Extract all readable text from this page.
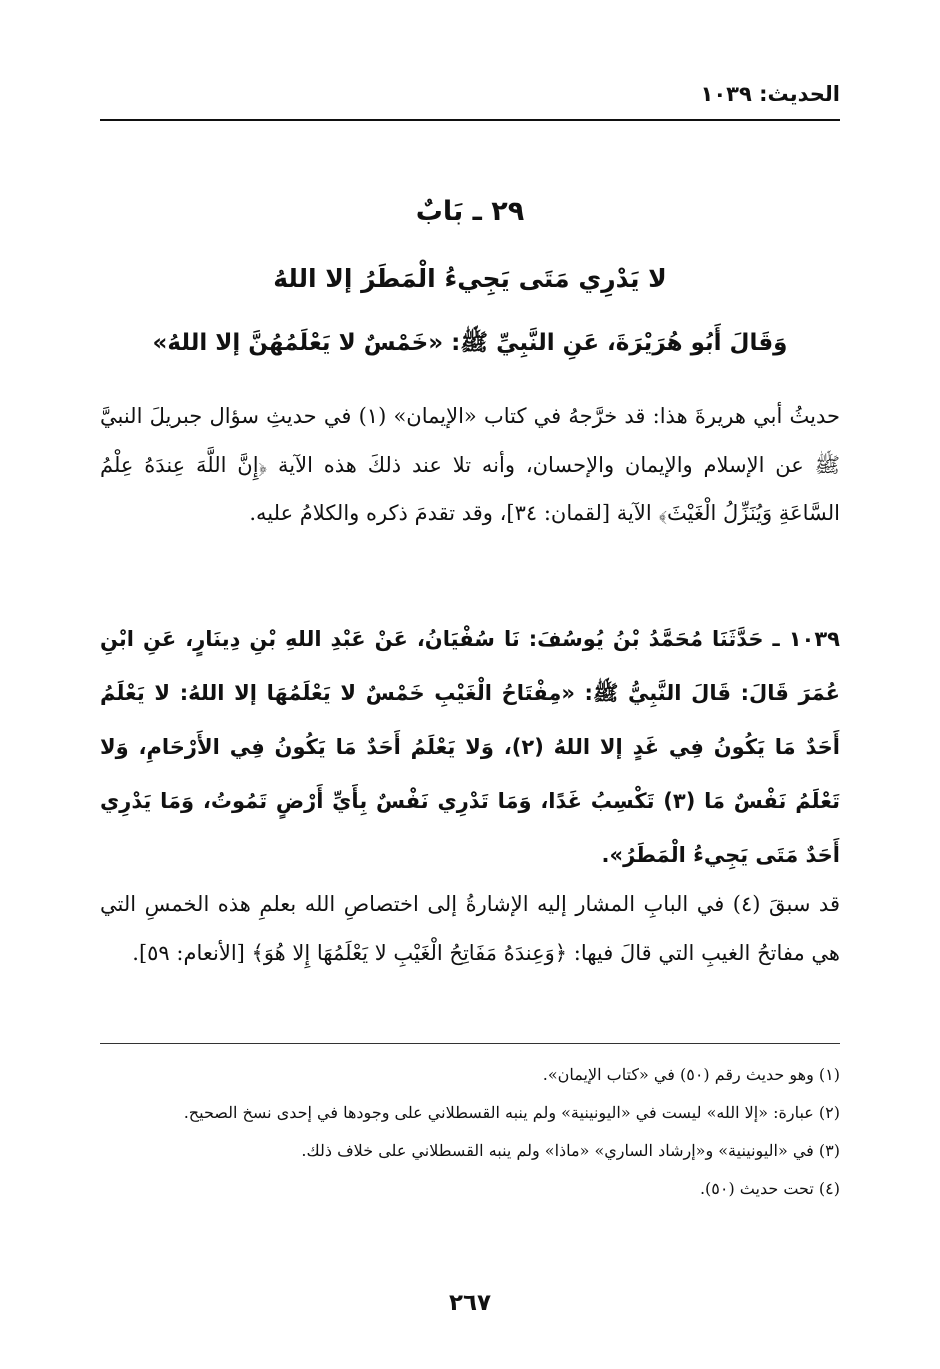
الحديث: ١٠٣٩
٢٩ ـ بَابٌ
لا يَدْرِي مَتَى يَجِيءُ الْمَطَرُ إلا اللهُ
وَقَالَ أَبُو هُرَيْرَةَ، عَنِ النَّبِيِّ ﷺ: «خَمْسٌ لا يَعْلَمُهُنَّ إلا اللهُ»

حديثُ أبي هريرةَ هذا: قد خرَّجهُ في كتاب «الإيمان» (١) في حديثِ سؤال جبريلَ النبيَّ ﷺ عن الإسلام والإيمان والإحسان، وأنه تلا عند ذلكَ هذه الآية ﴿إِنَّ اللَّهَ عِندَهُ عِلْمُ السَّاعَةِ وَيُنَزِّلُ الْغَيْثَ﴾ الآية [لقمان: ٣٤]، وقد تقدمَ ذكره والكلامُ عليه.

١٠٣٩ ـ حَدَّثَنَا مُحَمَّدُ بْنُ يُوسُفَ: نَا سُفْيَانُ، عَنْ عَبْدِ اللهِ بْنِ دِينَارٍ، عَنِ ابْنِ عُمَرَ قَالَ: قَالَ النَّبِيُّ ﷺ: «مِفْتَاحُ الْغَيْبِ خَمْسٌ لا يَعْلَمُهَا إلا اللهُ: لا يَعْلَمُ أَحَدٌ مَا يَكُونُ فِي غَدٍ إلا اللهُ (٢)، وَلا يَعْلَمُ أَحَدٌ مَا يَكُونُ فِي الأَرْحَامِ، وَلا تَعْلَمُ نَفْسٌ مَا (٣) تَكْسِبُ غَدًا، وَمَا تَدْرِي نَفْسٌ بِأَيِّ أَرْضٍ تَمُوتُ، وَمَا يَدْرِي أَحَدٌ مَتَى يَجِيءُ الْمَطَرُ».

قد سبقَ (٤) في البابِ المشار إليه الإشارةُ إلى اختصاصِ الله بعلمِ هذه الخمسِ التي هي مفاتحُ الغيبِ التي قالَ فيها: ﴿وَعِندَهُ مَفَاتِحُ الْغَيْبِ لا يَعْلَمُهَا إِلا هُوَ﴾ [الأنعام: ٥٩].

(١) وهو حديث رقم (٥٠) في «كتاب الإيمان».
(٢) عبارة: «إلا الله» ليست في «اليونينية» ولم ينبه القسطلاني على وجودها في إحدى نسخ الصحيح.
(٣) في «اليونينية» و«إرشاد الساري» «ماذا» ولم ينبه القسطلاني على خلاف ذلك.
(٤) تحت حديث (٥٠).
٢٦٧
